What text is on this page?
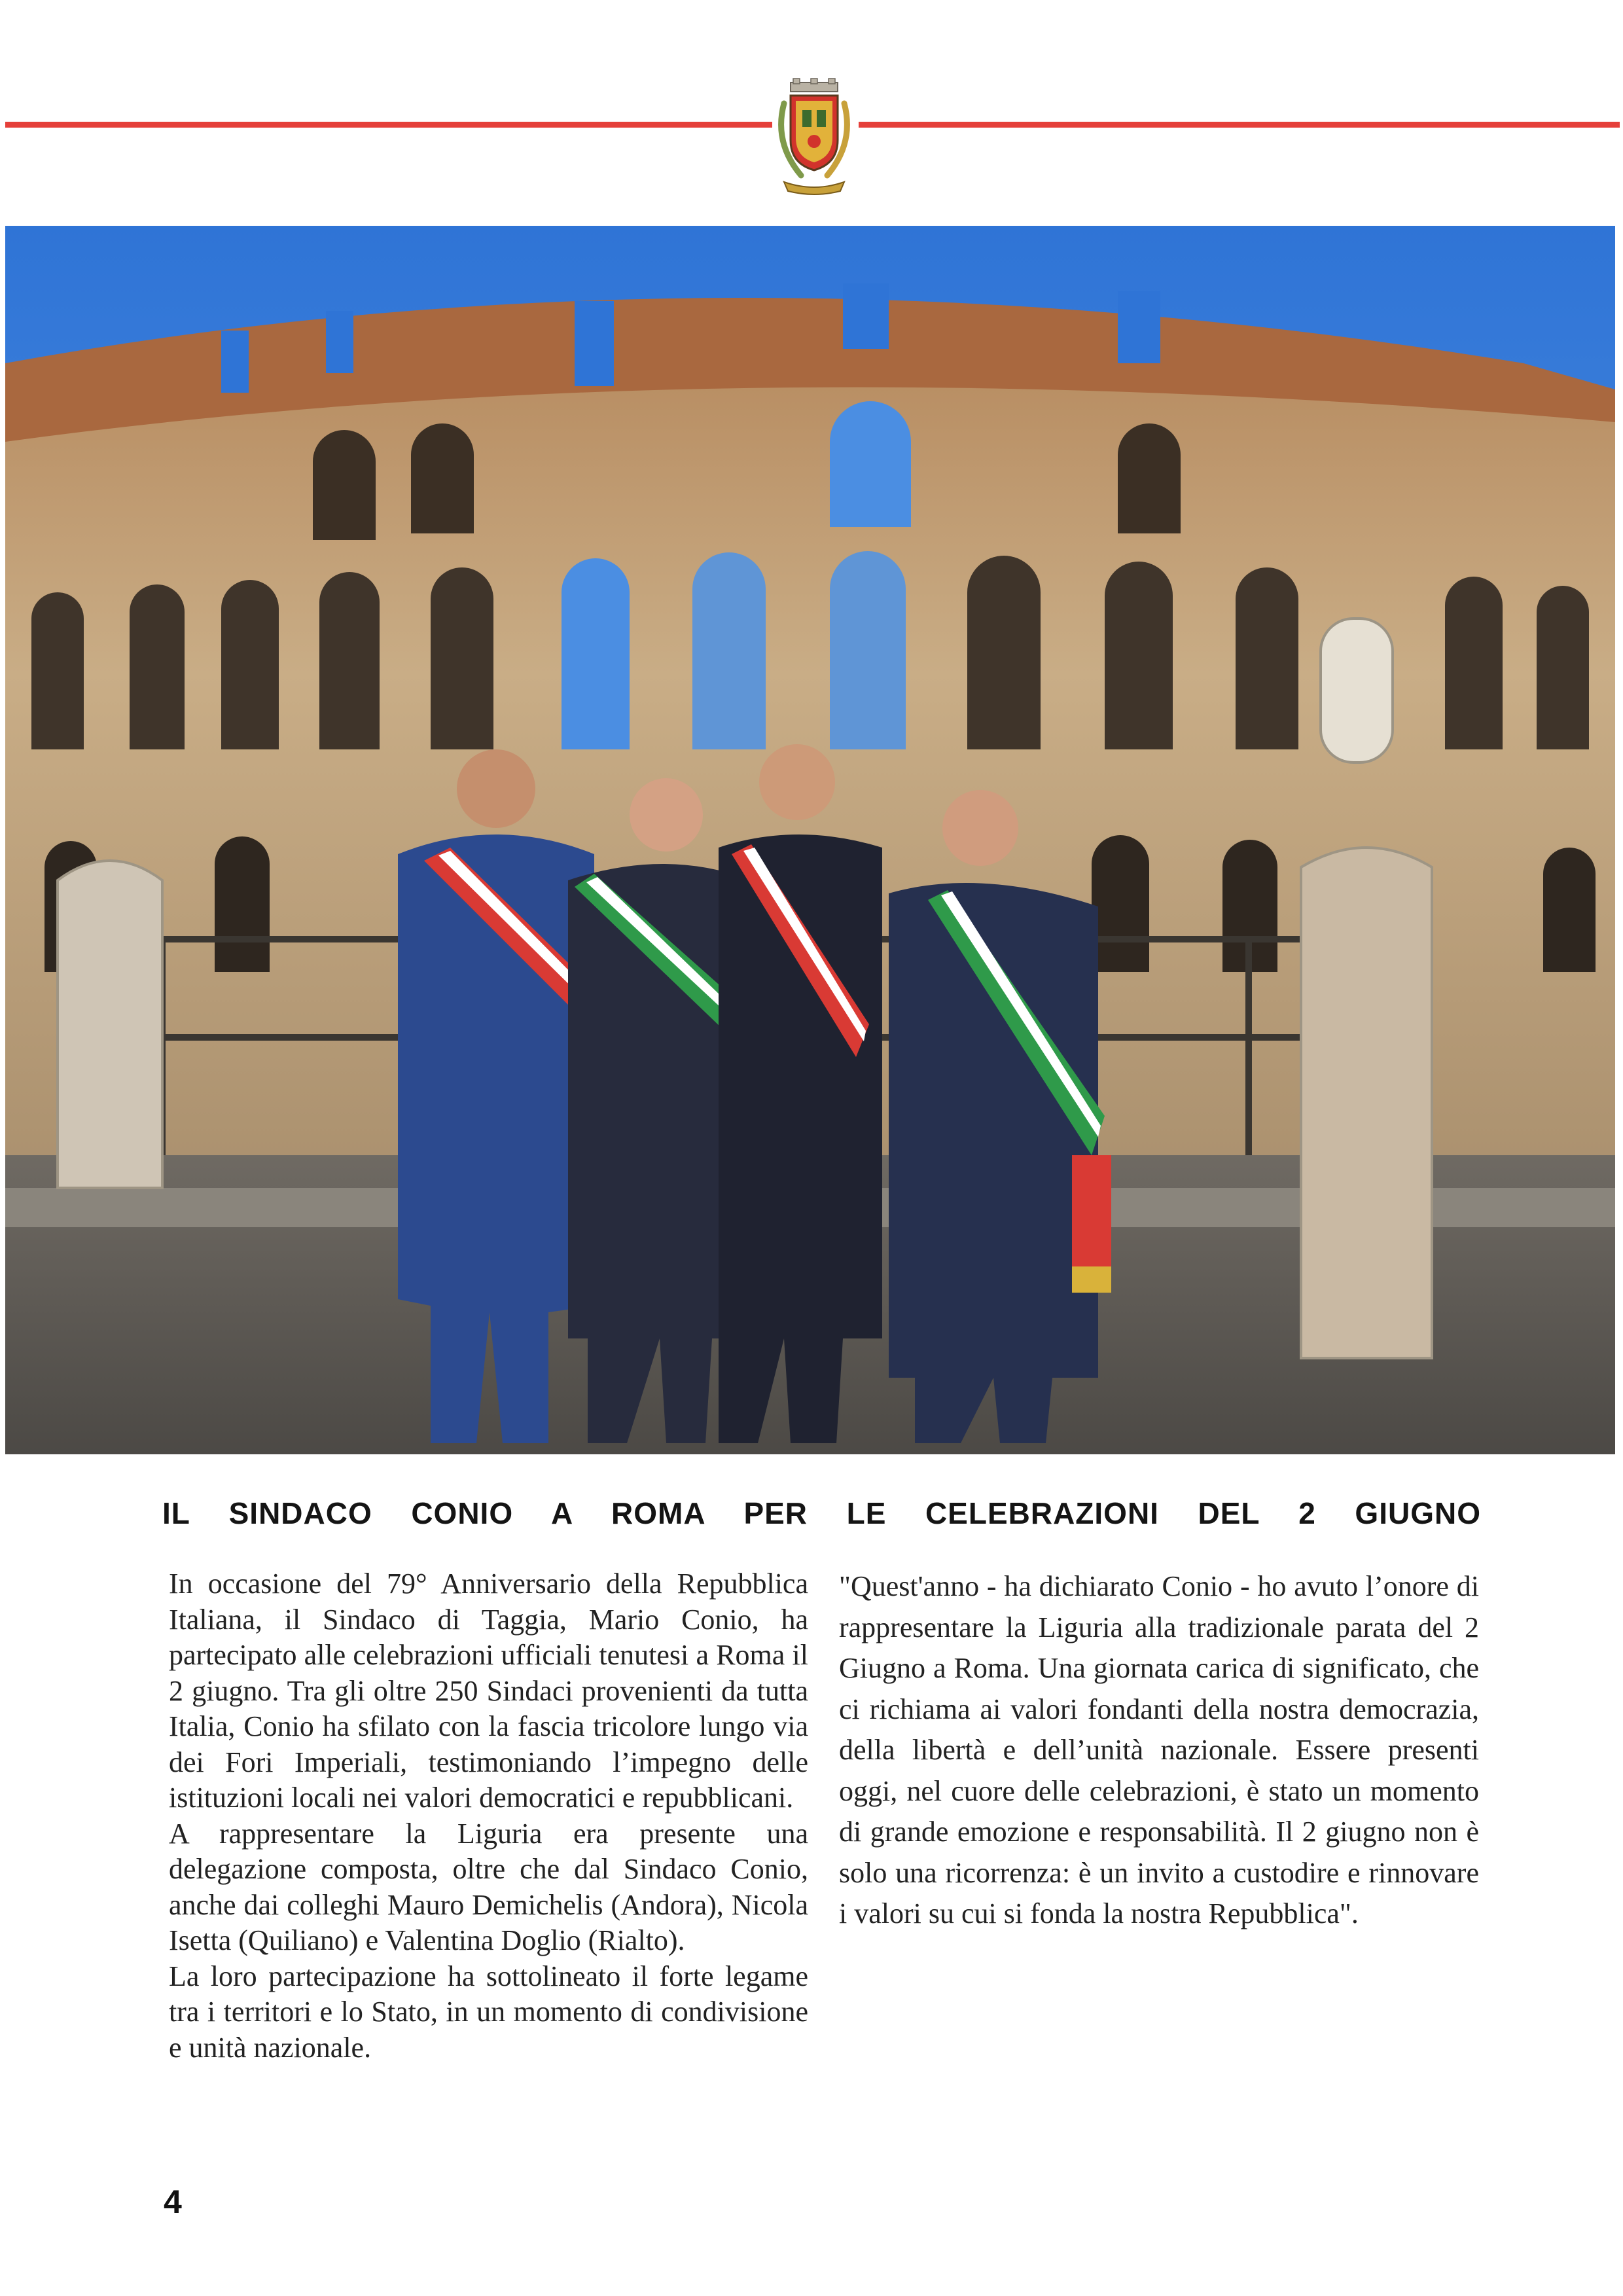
IL SINDACO CONIO A ROMA PER LE CELEBRAZIONI DEL 2 GIUGNO

In occasione del 79° Anniversario della Repubblica Italiana, il Sindaco di Taggia, Mario Conio, ha partecipato alle celebrazioni ufficiali tenutesi a Roma il 2 giugno. Tra gli oltre 250 Sindaci provenienti da tutta Italia, Conio ha sfilato con la fascia tricolore lungo via dei Fori Imperiali, testimoniando l’impegno delle istituzioni locali nei valori democratici e repubblicani.

A rappresentare la Liguria era presente una delegazione composta, oltre che dal Sindaco Conio, anche dai colleghi Mauro Demichelis (Andora), Nicola Isetta (Quiliano) e Valentina Doglio (Rialto).

La loro partecipazione ha sottolineato il forte legame tra i territori e lo Stato, in un momento di condivisione e unità nazionale.

"Quest'anno - ha dichiarato Conio - ho avuto l’onore di rappresentare la Liguria alla tradizionale parata del 2 Giugno a Roma. Una giornata carica di significato, che ci richiama ai valori fondanti della nostra democrazia, della libertà e dell’unità nazionale. Essere presenti oggi, nel cuore delle celebrazioni, è stato un momento di grande emozione e responsabilità. Il 2 giugno non è solo una ricorrenza: è un invito a custodire e rinnovare i valori su cui si fonda la nostra Repubblica".

4
